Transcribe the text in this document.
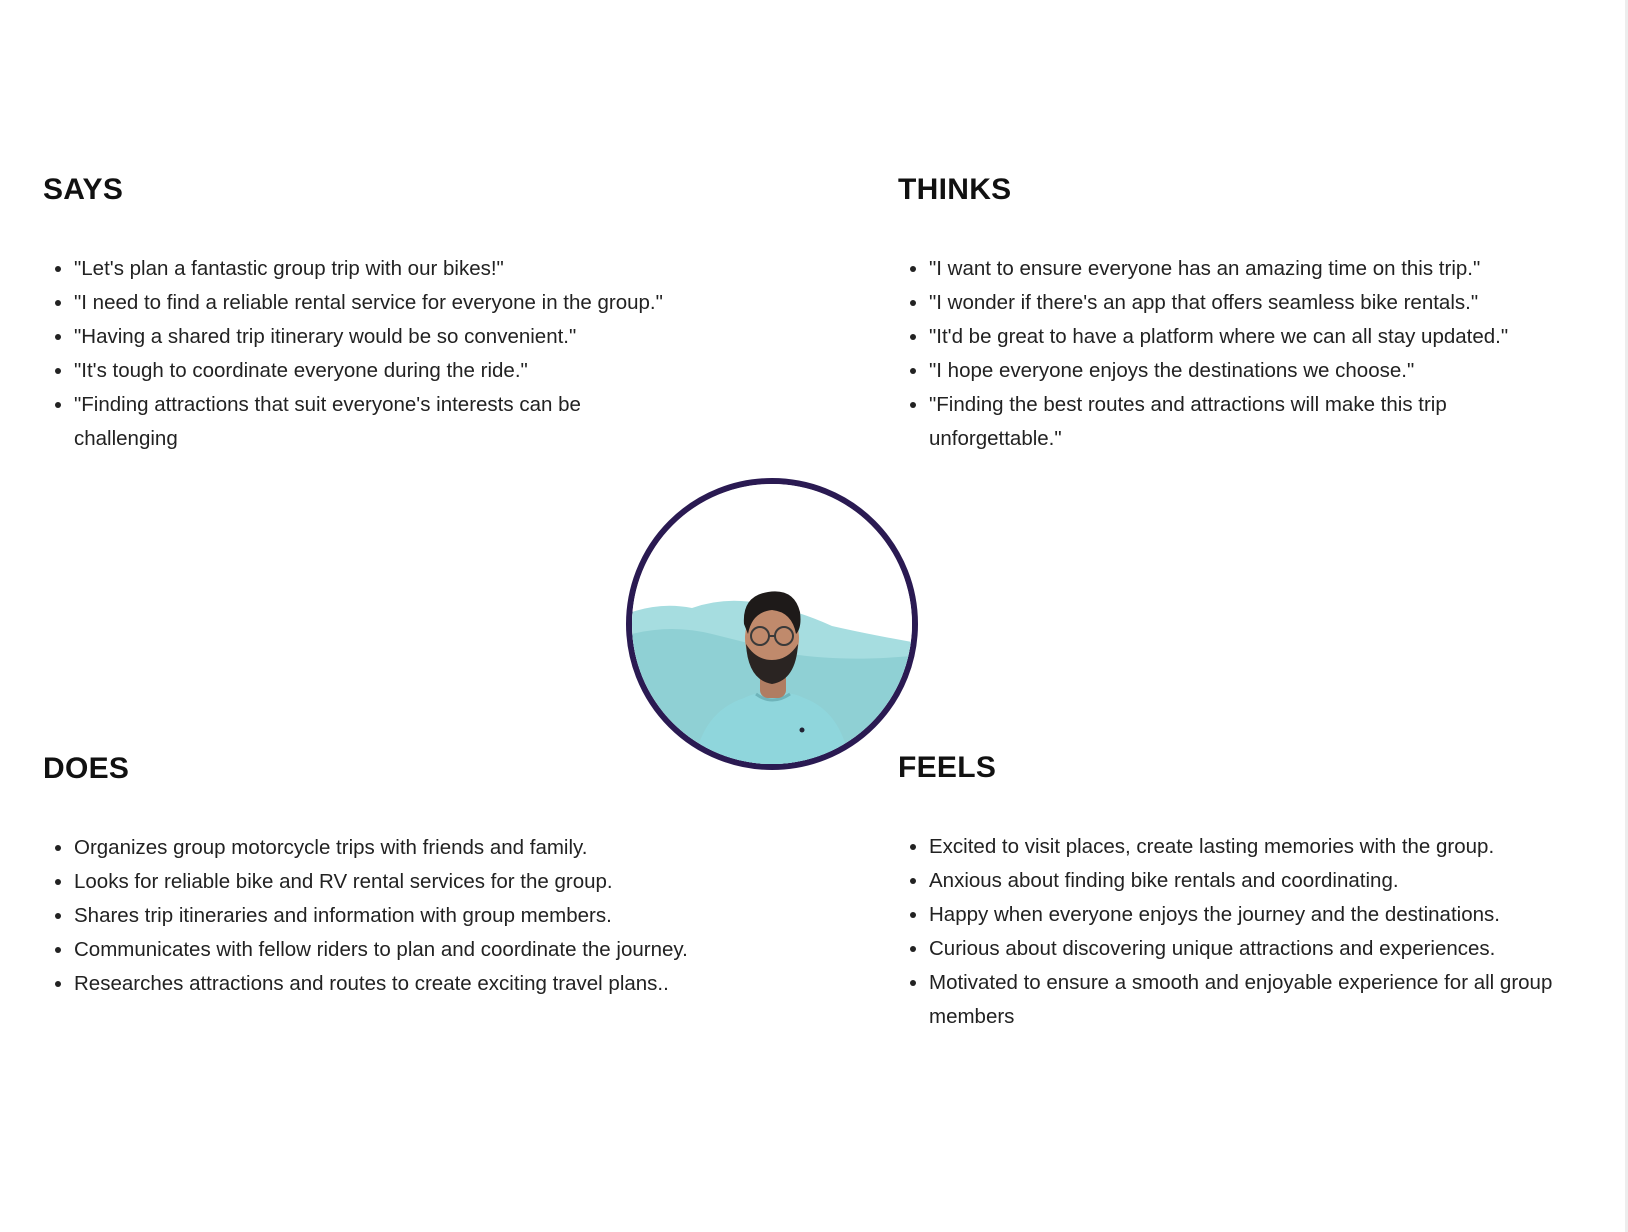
SAYS
"Let's plan a fantastic group trip with our bikes!"
"I need to find a reliable rental service for everyone in the group."
"Having a shared trip itinerary would be so convenient."
"It's tough to coordinate everyone during the ride."
"Finding attractions that suit everyone's interests can be challenging
THINKS
"I want to ensure everyone has an amazing time on this trip."
"I wonder if there's an app that offers seamless bike rentals."
"It'd be great to have a platform where we can all stay updated."
"I hope everyone enjoys the destinations we choose."
"Finding the best routes and attractions will make this trip unforgettable."
DOES
Organizes group motorcycle trips with friends and family.
Looks for reliable bike and RV rental services for the group.
Shares trip itineraries and information with group members.
Communicates with fellow riders to plan and coordinate the journey.
Researches attractions and routes to create exciting travel plans..
FEELS
Excited to visit places, create lasting memories with the group.
Anxious about finding bike rentals and coordinating.
Happy when everyone enjoys the journey and the destinations.
Curious about discovering unique attractions and experiences.
Motivated to ensure a smooth and enjoyable experience for all group members
